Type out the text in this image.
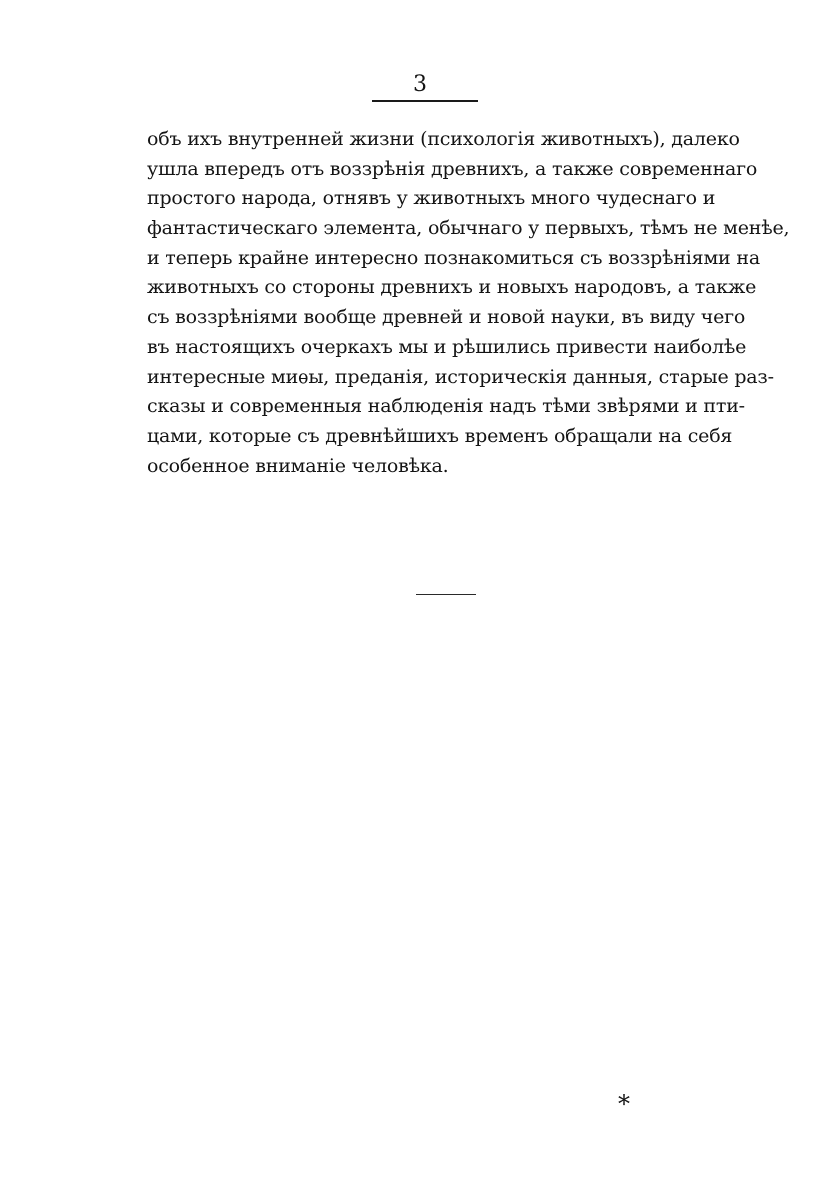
3
объ ихъ внутренней жизни (психологія животныхъ), далеко
ушла впередъ отъ воззрѣнія древнихъ, а также современнаго
простого народа, отнявъ у животныхъ много чудеснаго и
фантастическаго элемента, обычнаго у первыхъ, тѣмъ не менѣе,
и теперь крайне интересно познакомиться съ воззрѣніями на
животныхъ со стороны древнихъ и новыхъ народовъ, а также
съ воззрѣніями вообще древней и новой науки, въ виду чего
въ настоящихъ очеркахъ мы и рѣшились привести наиболѣе
интересные миѳы, преданія, историческія данныя, старые раз-
сказы и современныя наблюденія надъ тѣми звѣрями и пти-
цами, которые съ древнѣйшихъ временъ обращали на себя
особенное вниманіе человѣка.
*
